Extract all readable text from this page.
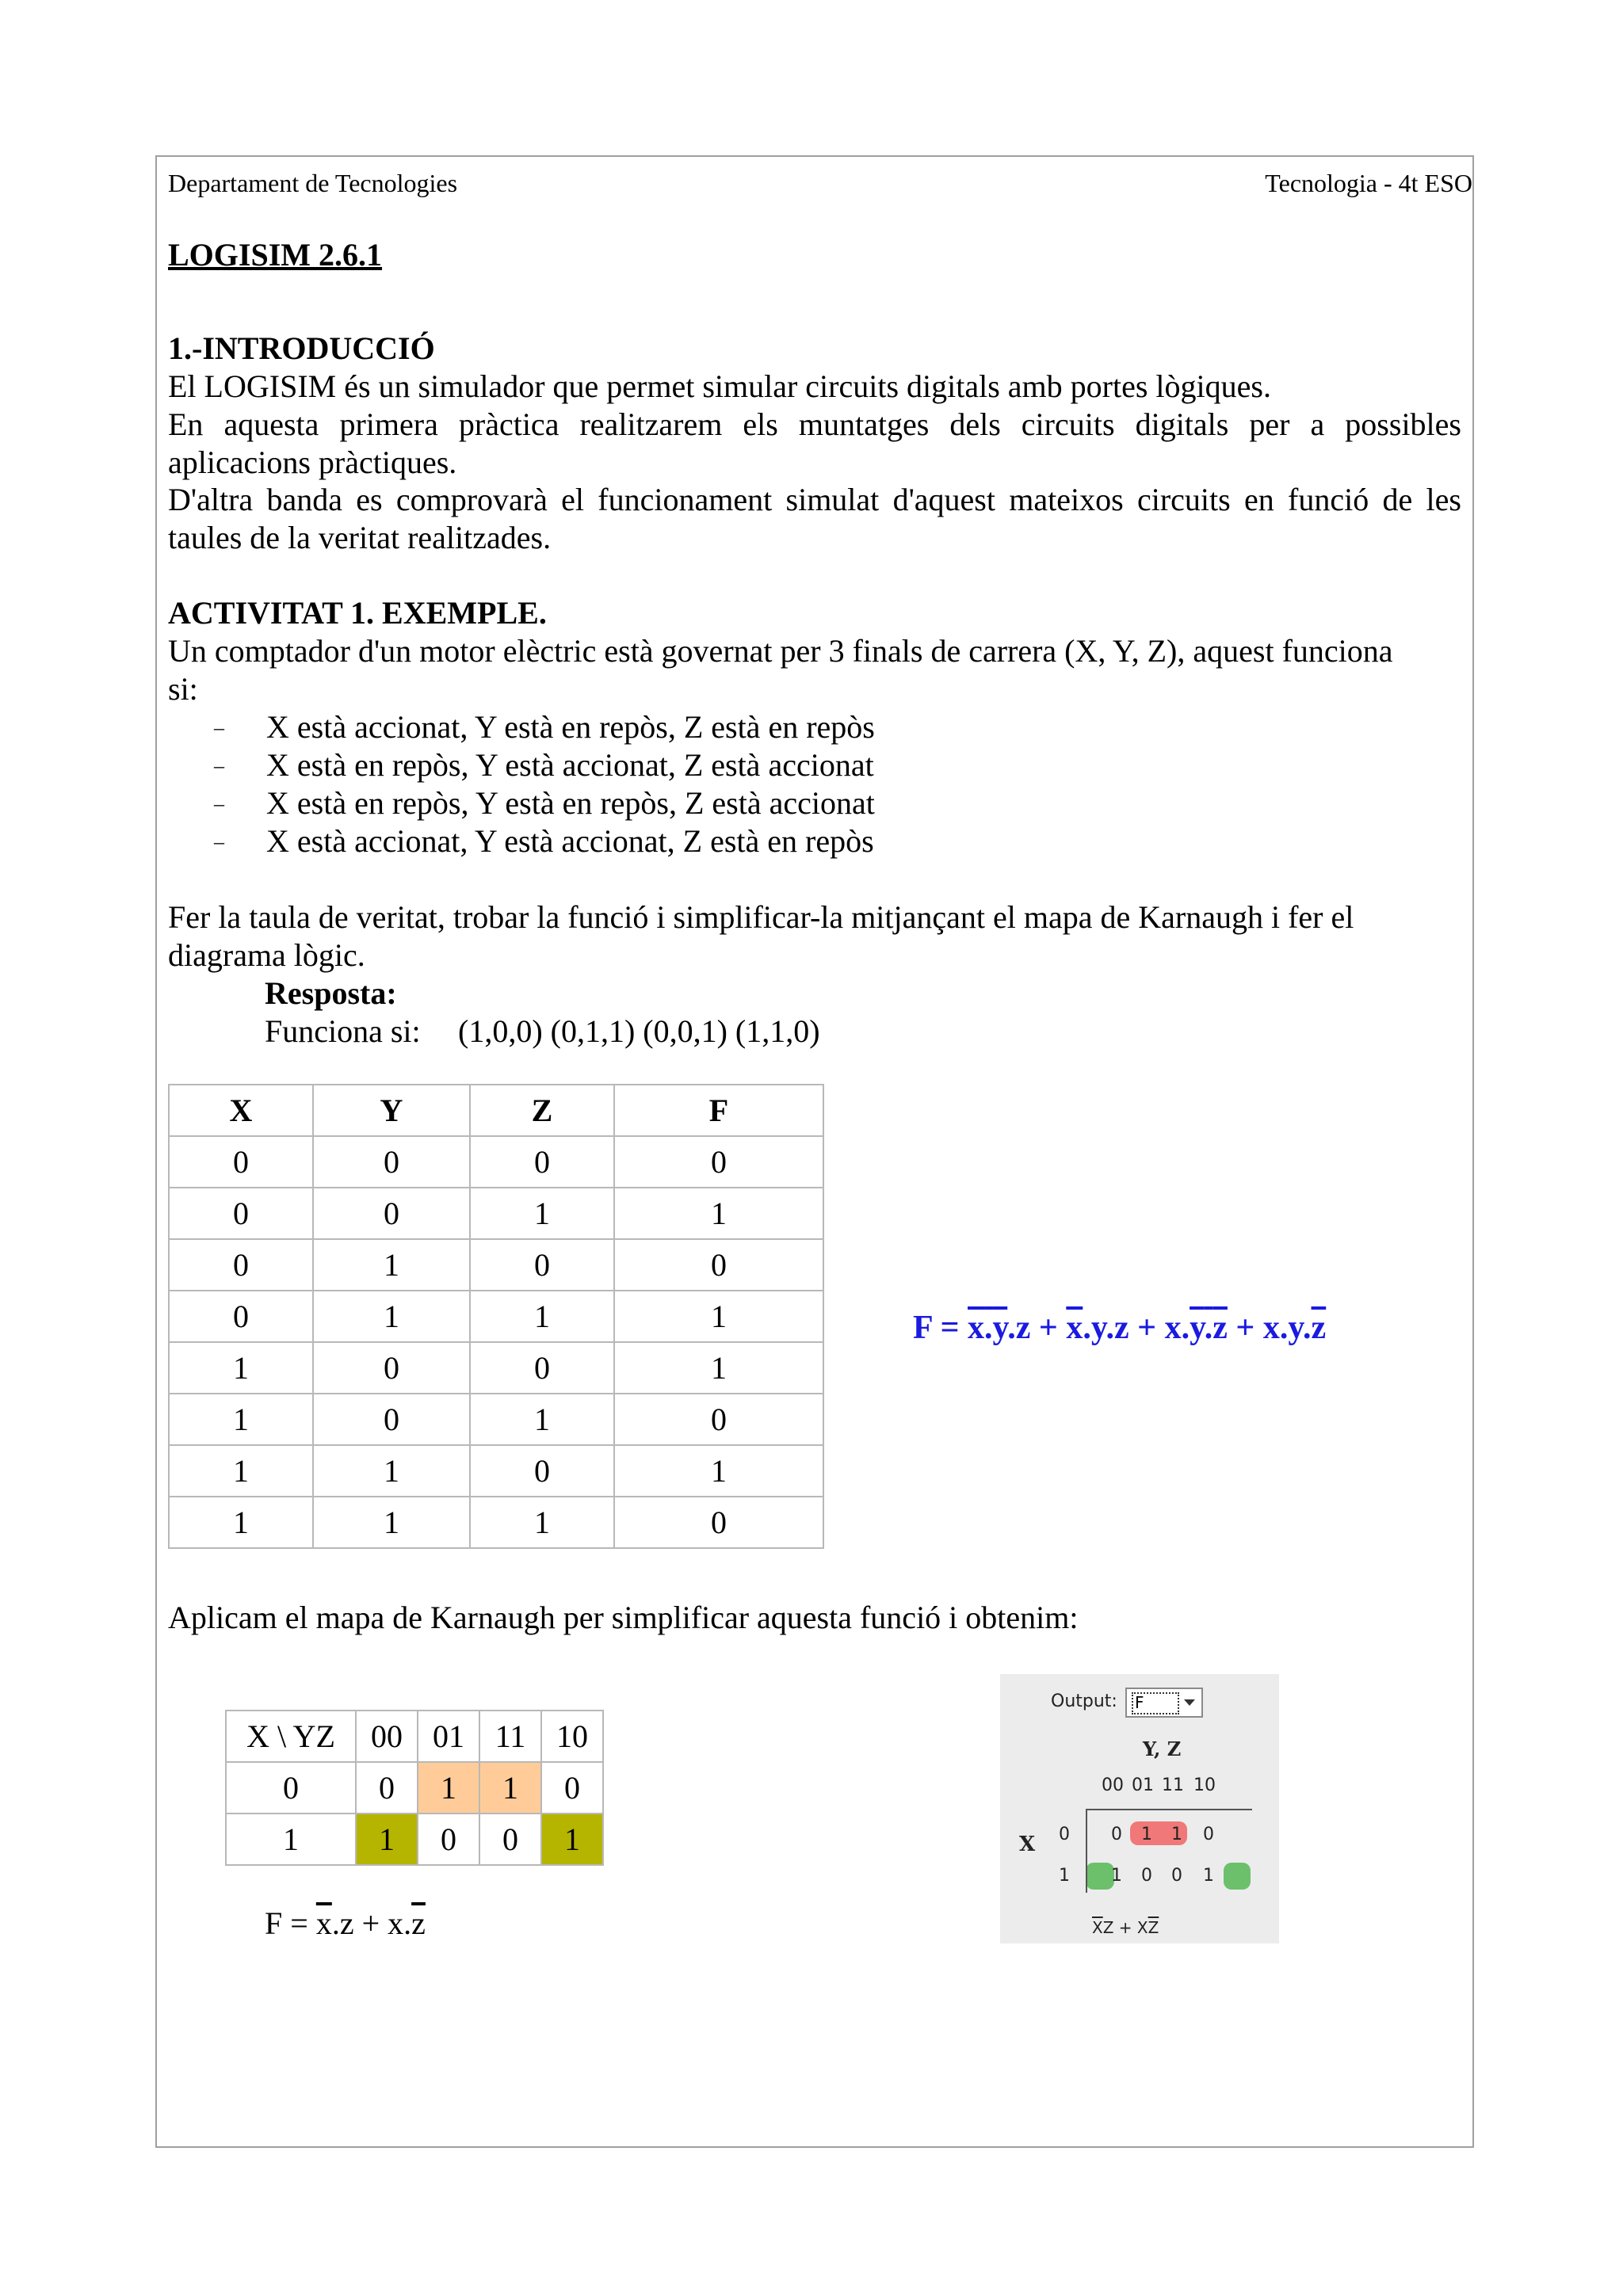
Departament de Tecnologies	Tecnologia - 4t ESO
LOGISIM 2.6.1
1.-INTRODUCCIÓ
El LOGISIM és un simulador que permet simular circuits digitals amb portes lògiques.
En aquesta primera pràctica realitzarem els muntatges dels circuits digitals per a possibles
aplicacions pràctiques.
D'altra banda es comprovarà el funcionament simulat d'aquest mateixos circuits en funció de les
taules de la veritat realitzades.
ACTIVITAT 1. EXEMPLE.
Un comptador d'un motor elèctric està governat per 3 finals de carrera (X, Y, Z), aquest funciona
si:
– X està accionat, Y està en repòs, Z està en repòs
– X està en repòs, Y està accionat, Z està accionat
– X està en repòs, Y està en repòs, Z està accionat
– X està accionat, Y està accionat, Z està en repòs
Fer la taula de veritat, trobar la funció i simplificar-la mitjançant el mapa de Karnaugh i fer el
diagrama lògic.
Resposta:
Funciona si: (1,0,0) (0,1,1) (0,0,1) (1,1,0)
X	Y	Z	F
0	0	0	0
0	0	1	1
0	1	0	0
0	1	1	1
1	0	0	1
1	0	1	0
1	1	0	1
1	1	1	0
$F = \overline{x}.\overline{y}.z + \overline{x}.y.z + x.\overline{y}.\overline{z} + x.y.\overline{z}$
Aplicam el mapa de Karnaugh per simplificar aquesta funció i obtenim:
X \ YZ	00	01	11	10
0	0	1	1	0
1	1	0	0	1
$F = \overline{x}.z + x.\overline{z}$
Output: F
Y, Z
X
00 01 11 10
0
1
0 1 1 0
1 0 0 1
$\overline{X}Z + X\overline{Z}$
